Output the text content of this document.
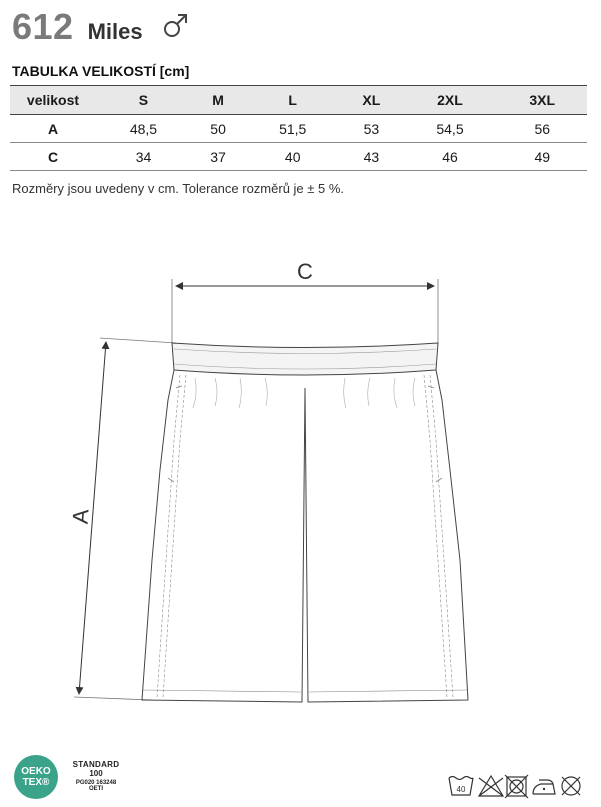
612 Miles
TABULKA VELIKOSTÍ [cm]
velikost	S	M	L	XL	2XL	3XL
A	48,5	50	51,5	53	54,5	56
C	34	37	40	43	46	49
Rozměry jsou uvedeny v cm. Tolerance rozměrů je ± 5 %.
C
A
OEKO
TEX®
STANDARD
100
PG020 163248
OETI	40
